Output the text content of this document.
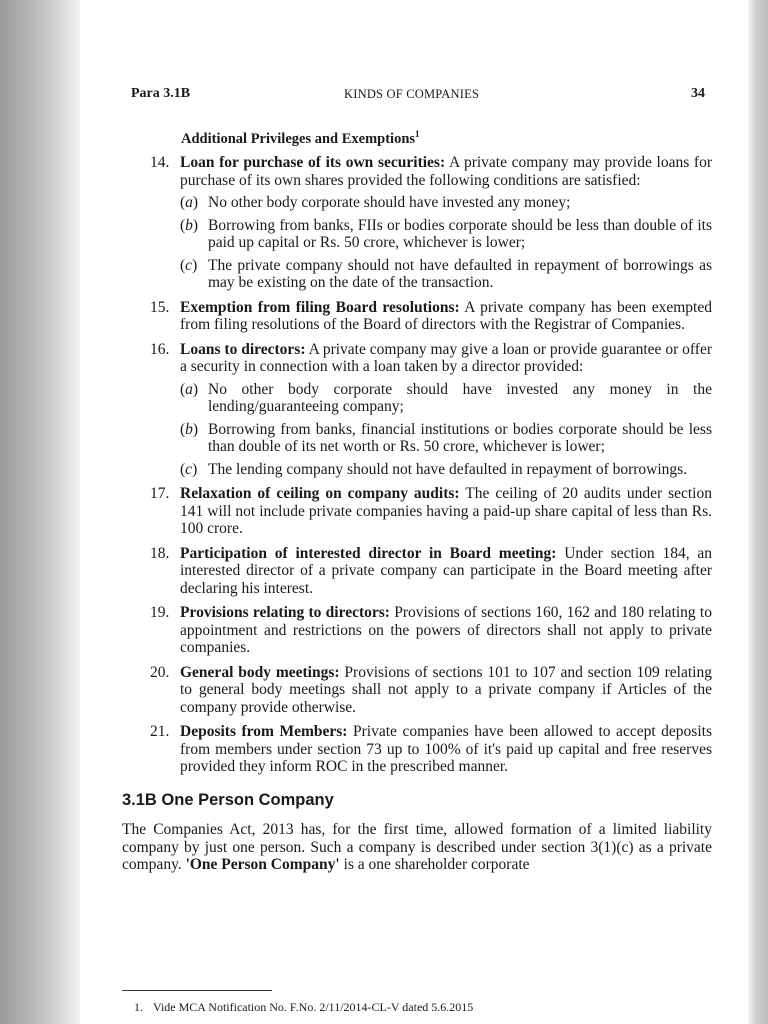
Para 3.1B	KINDS OF COMPANIES	34
Additional Privileges and Exemptions$^1$
14. Loan for purchase of its own securities: A private company may provide loans for purchase of its own shares provided the following conditions are satisfied:
(a) No other body corporate should have invested any money;
(b) Borrowing from banks, FIIs or bodies corporate should be less than double of its paid up capital or Rs. 50 crore, whichever is lower;
(c) The private company should not have defaulted in repayment of borrowings as may be existing on the date of the transaction.
15. Exemption from filing Board resolutions: A private company has been exempted from filing resolutions of the Board of directors with the Registrar of Companies.
16. Loans to directors: A private company may give a loan or provide guarantee or offer a security in connection with a loan taken by a director provided:
(a) No other body corporate should have invested any money in the lending/guaranteeing company;
(b) Borrowing from banks, financial institutions or bodies corporate should be less than double of its net worth or Rs. 50 crore, whichever is lower;
(c) The lending company should not have defaulted in repayment of borrowings.
17. Relaxation of ceiling on company audits: The ceiling of 20 audits under section 141 will not include private companies having a paid-up share capital of less than Rs. 100 crore.
18. Participation of interested director in Board meeting: Under section 184, an interested director of a private company can participate in the Board meeting after declaring his interest.
19. Provisions relating to directors: Provisions of sections 160, 162 and 180 relating to appointment and restrictions on the powers of directors shall not apply to private companies.
20. General body meetings: Provisions of sections 101 to 107 and section 109 relating to general body meetings shall not apply to a private company if Articles of the company provide otherwise.
21. Deposits from Members: Private companies have been allowed to accept deposits from members under section 73 up to 100% of it's paid up capital and free reserves provided they inform ROC in the prescribed manner.
3.1B One Person Company
The Companies Act, 2013 has, for the first time, allowed formation of a limited liability company by just one person. Such a company is described under section 3(1)(c) as a private company. 'One Person Company' is a one shareholder corporate
1. Vide MCA Notification No. F.No. 2/11/2014-CL-V dated 5.6.2015
